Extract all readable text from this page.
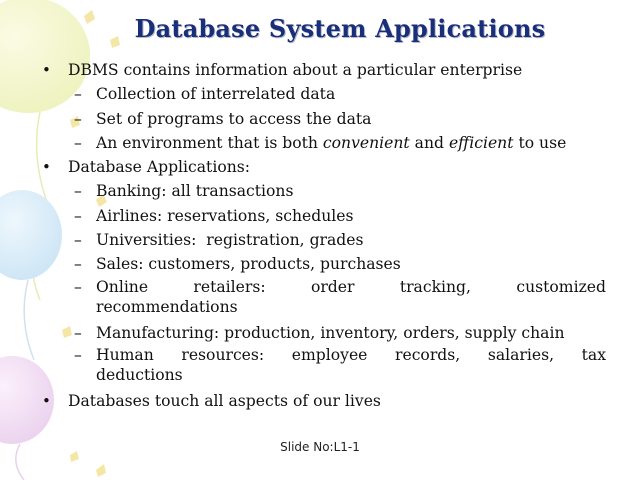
Database System Applications
• DBMS contains information about a particular enterprise
– Collection of interrelated data
– Set of programs to access the data
– An environment that is both convenient and efficient to use
• Database Applications:
– Banking: all transactions
– Airlines: reservations, schedules
– Universities:  registration, grades
– Sales: customers, products, purchases
– Online retailers: order tracking, customized
recommendations
– Manufacturing: production, inventory, orders, supply chain
– Human resources: employee records, salaries, tax
deductions
• Databases touch all aspects of our lives
Slide No:L1-1
